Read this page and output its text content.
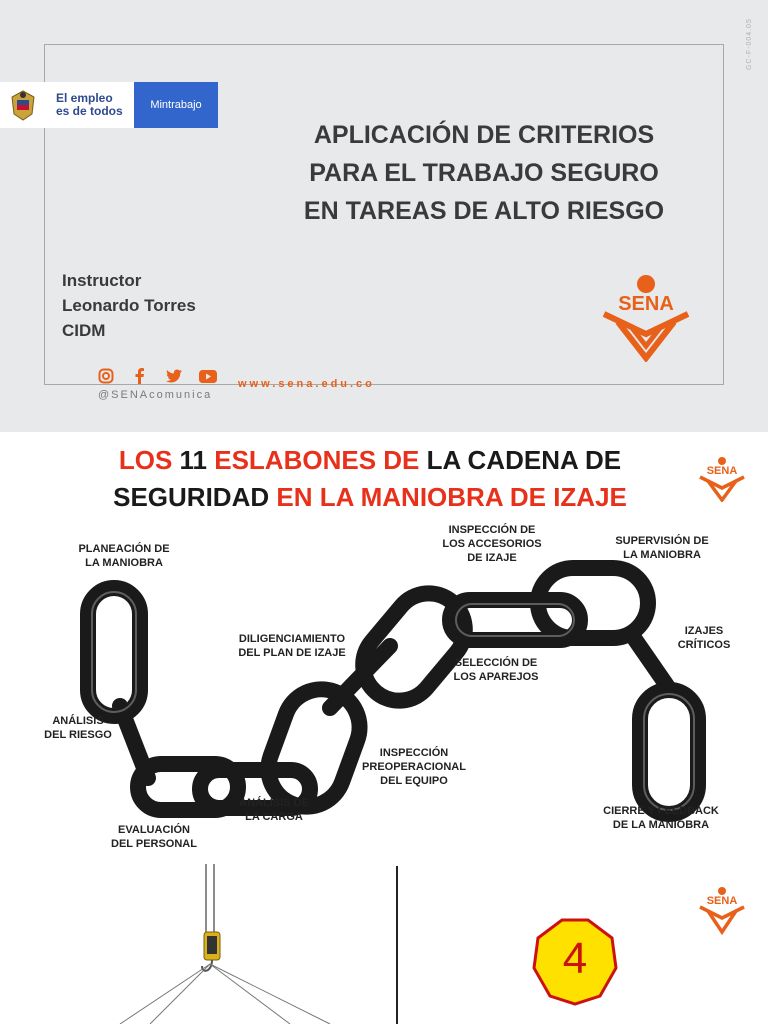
GC-F-004.05
El empleo
es de todos	Mintrabajo
APLICACIÓN DE CRITERIOS
PARA EL TRABAJO SEGURO
EN TAREAS DE ALTO RIESGO
Instructor
Leonardo Torres
CIDM
SENA
@SENAcomunica
www.sena.edu.co
LOS 11 ESLABONES DE LA CADENA DE
SEGURIDAD EN LA MANIOBRA DE IZAJE
SENA
PLANEACIÓN DE
LA MANIOBRA
ANÁLISIS
DEL RIESGO
EVALUACIÓN
DEL PERSONAL
ANÁLISIS DE
LA CARGA
DILIGENCIAMIENTO
DEL PLAN DE IZAJE
INSPECCIÓN
PREOPERACIONAL
DEL EQUIPO
SELECCIÓN DE
LOS APAREJOS
INSPECCIÓN DE
LOS ACCESORIOS
DE IZAJE
SUPERVISIÓN DE
LA MANIOBRA
IZAJES
CRÍTICOS
CIERRE Y FEEDBACK
DE LA MANIOBRA
SENA
4
